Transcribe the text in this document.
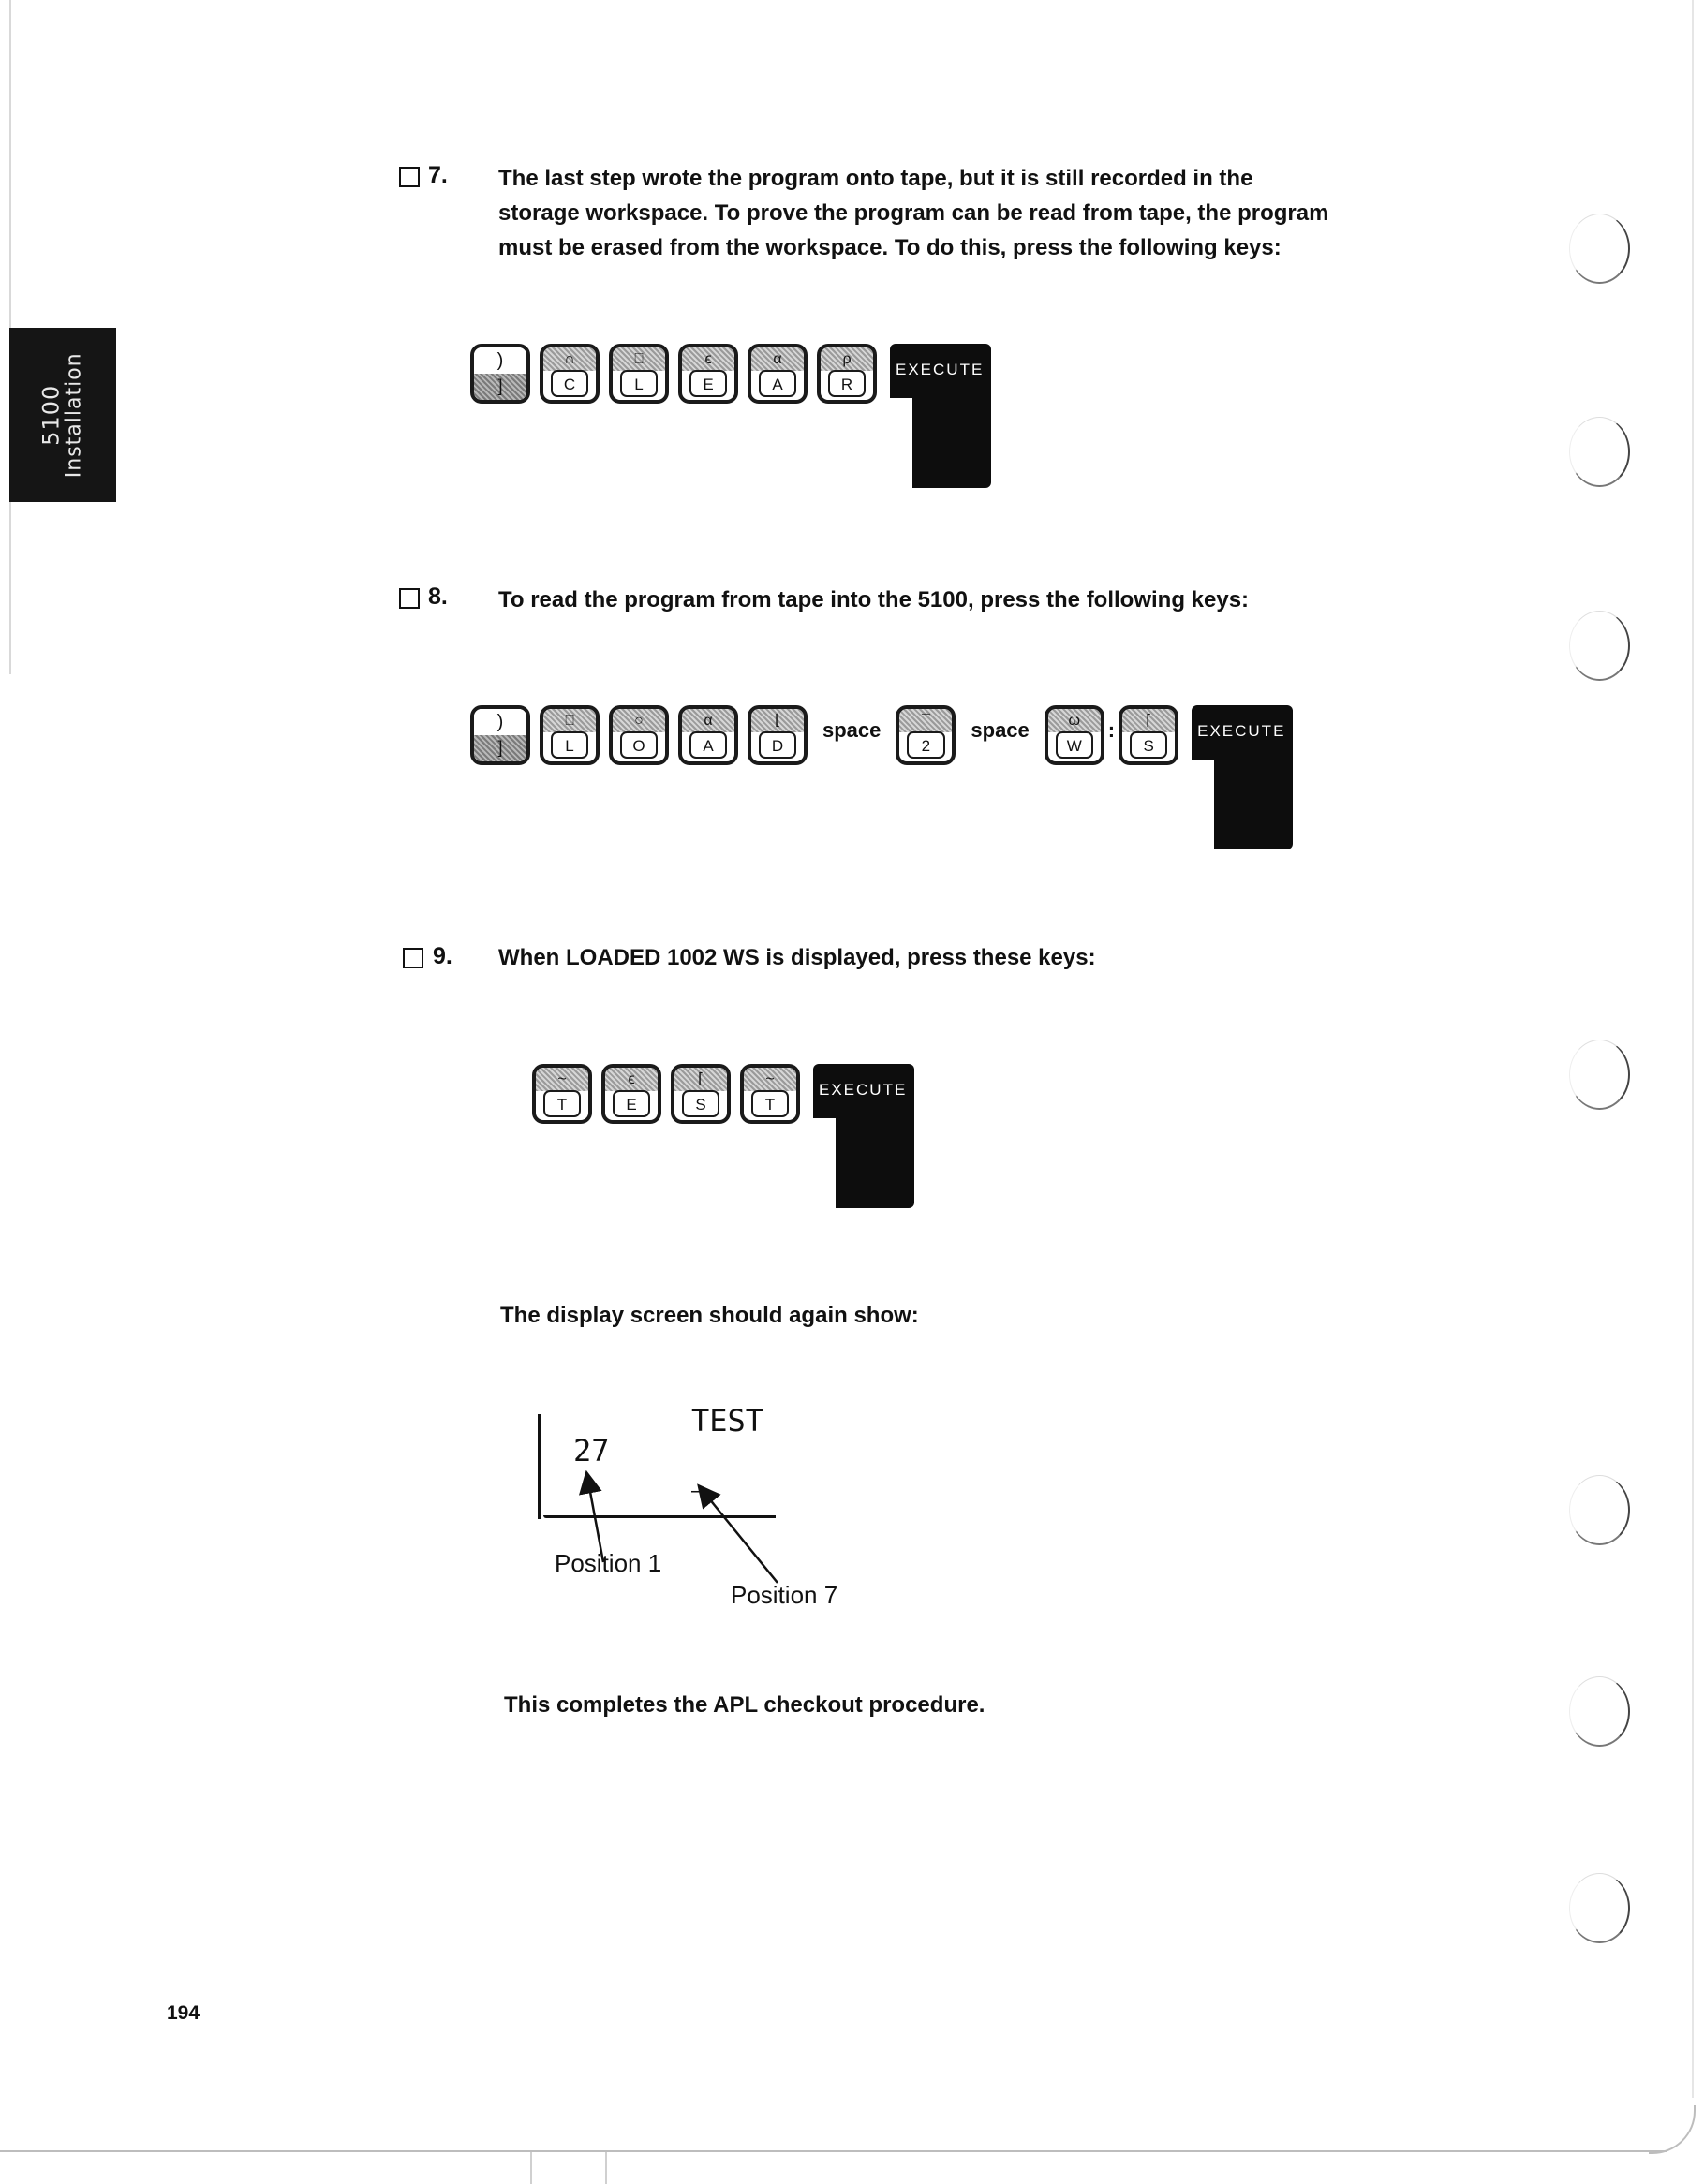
5100
Installation
7. The last step wrote the program onto tape, but it is still recorded in the
storage workspace. To prove the program can be read from tape, the program
must be erased from the workspace. To do this, press the following keys:
)
]
∩
C
⎕
L
ϵ
E
α
A
ρ
R
EXECUTE
8. To read the program from tape into the 5100, press the following keys:
)
]
⎕
L
○
O
α
A
⌊
D
space	¯
2
space	ω
W
:	⌈
S
EXECUTE
9. When LOADED 1002 WS is displayed, press these keys:
~
T
ϵ
E
⌈
S
~
T
EXECUTE
The display screen should again show:
TEST
27
‒
Position 1
Position 7
This completes the APL checkout procedure.
194
